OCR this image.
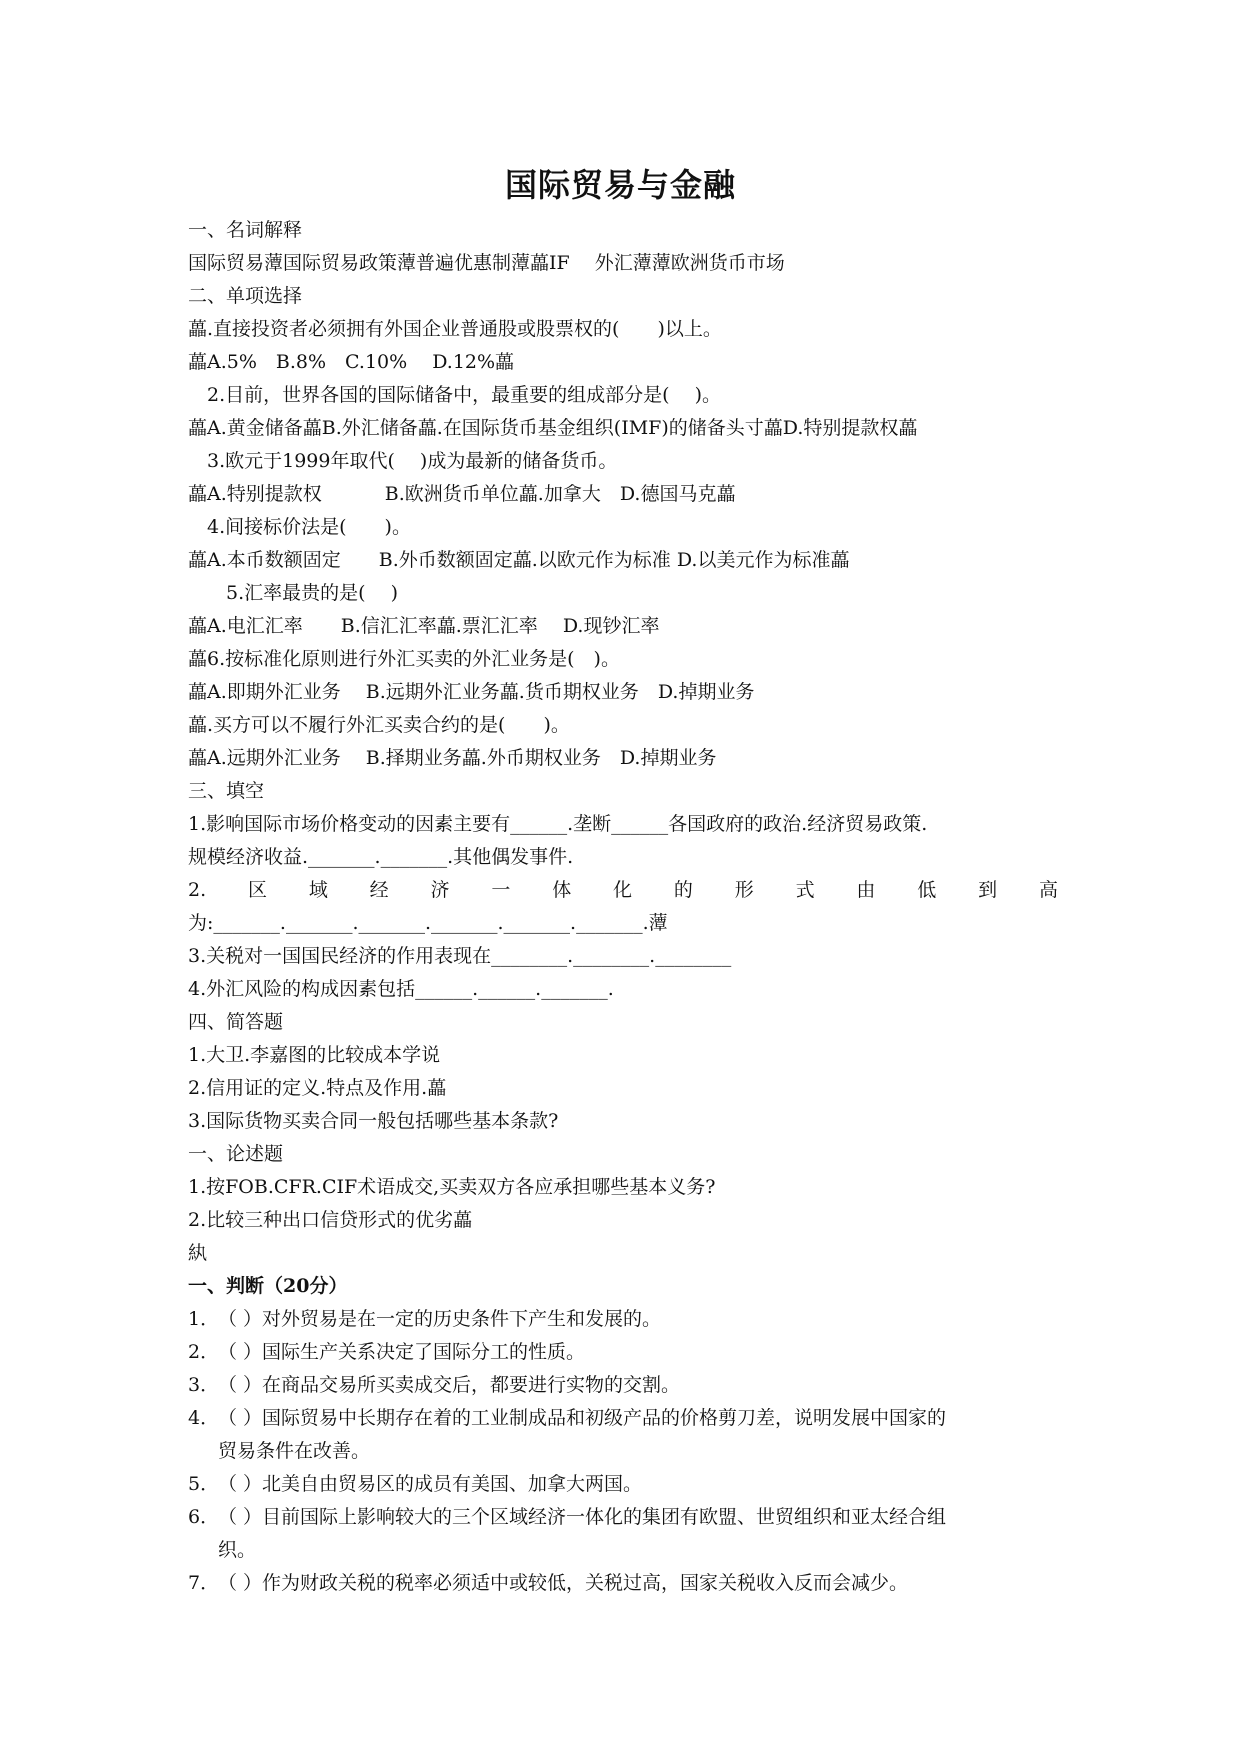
国际贸易与金融
一、名词解释
国际贸易藫国际贸易政策藫普遍优惠制藫藟IF　 外汇藫藫欧洲货币市场
二、单项选择
藟.直接投资者必须拥有外国企业普通股或股票权的(　　)以上。
藟A.5%　B.8%　C.10%　 D.12%藟
　2.目前，世界各国的国际储备中，最重要的组成部分是(　 )。
藟A.黄金储备藟B.外汇储备藟.在国际货币基金组织(IMF)的储备头寸藟D.特别提款权藟
　3.欧元于1999年取代(　 )成为最新的储备货币。
藟A.特别提款权　　　 B.欧洲货币单位藟.加拿大　D.德国马克藟
　4.间接标价法是(　　)。
藟A.本币数额固定　　B.外币数额固定藟.以欧元作为标准 D.以美元作为标准藟
　　5.汇率最贵的是(　 )
藟A.电汇汇率　　B.信汇汇率藟.票汇汇率　 D.现钞汇率
藟6.按标准化原则进行外汇买卖的外汇业务是(　)。
藟A.即期外汇业务　 B.远期外汇业务藟.货币期权业务　D.掉期业务
藟.买方可以不履行外汇买卖合约的是(　　)。
藟A.远期外汇业务　 B.择期业务藟.外币期权业务　D.掉期业务
三、填空
1.影响国际市场价格变动的因素主要有______.垄断______各国政府的政治.经济贸易政策.
规模经济收益._______._______.其他偶发事件.
2. 区 域 经 济 一 体 化 的 形 式 由 低 到 高
为:_______._______._______._______._______._______.藫
3.关税对一国国民经济的作用表现在________.________.________
4.外汇风险的构成因素包括______.______._______.
四、简答题
1.大卫.李嘉图的比较成本学说
2.信用证的定义.特点及作用.藟
3.国际货物买卖合同一般包括哪些基本条款?
一、论述题
1.按FOB.CFR.CIF术语成交,买卖双方各应承担哪些基本义务?
2.比较三种出口信贷形式的优劣藟
紈
一、判断（20分）
1．（ ）对外贸易是在一定的历史条件下产生和发展的。
2．（ ）国际生产关系决定了国际分工的性质。
3．（ ）在商品交易所买卖成交后，都要进行实物的交割。
4．（ ）国际贸易中长期存在着的工业制成品和初级产品的价格剪刀差，说明发展中国家的
贸易条件在改善。
5．（ ）北美自由贸易区的成员有美国、加拿大两国。
6．（ ）目前国际上影响较大的三个区域经济一体化的集团有欧盟、世贸组织和亚太经合组
织。
7．（ ）作为财政关税的税率必须适中或较低，关税过高，国家关税收入反而会减少。
